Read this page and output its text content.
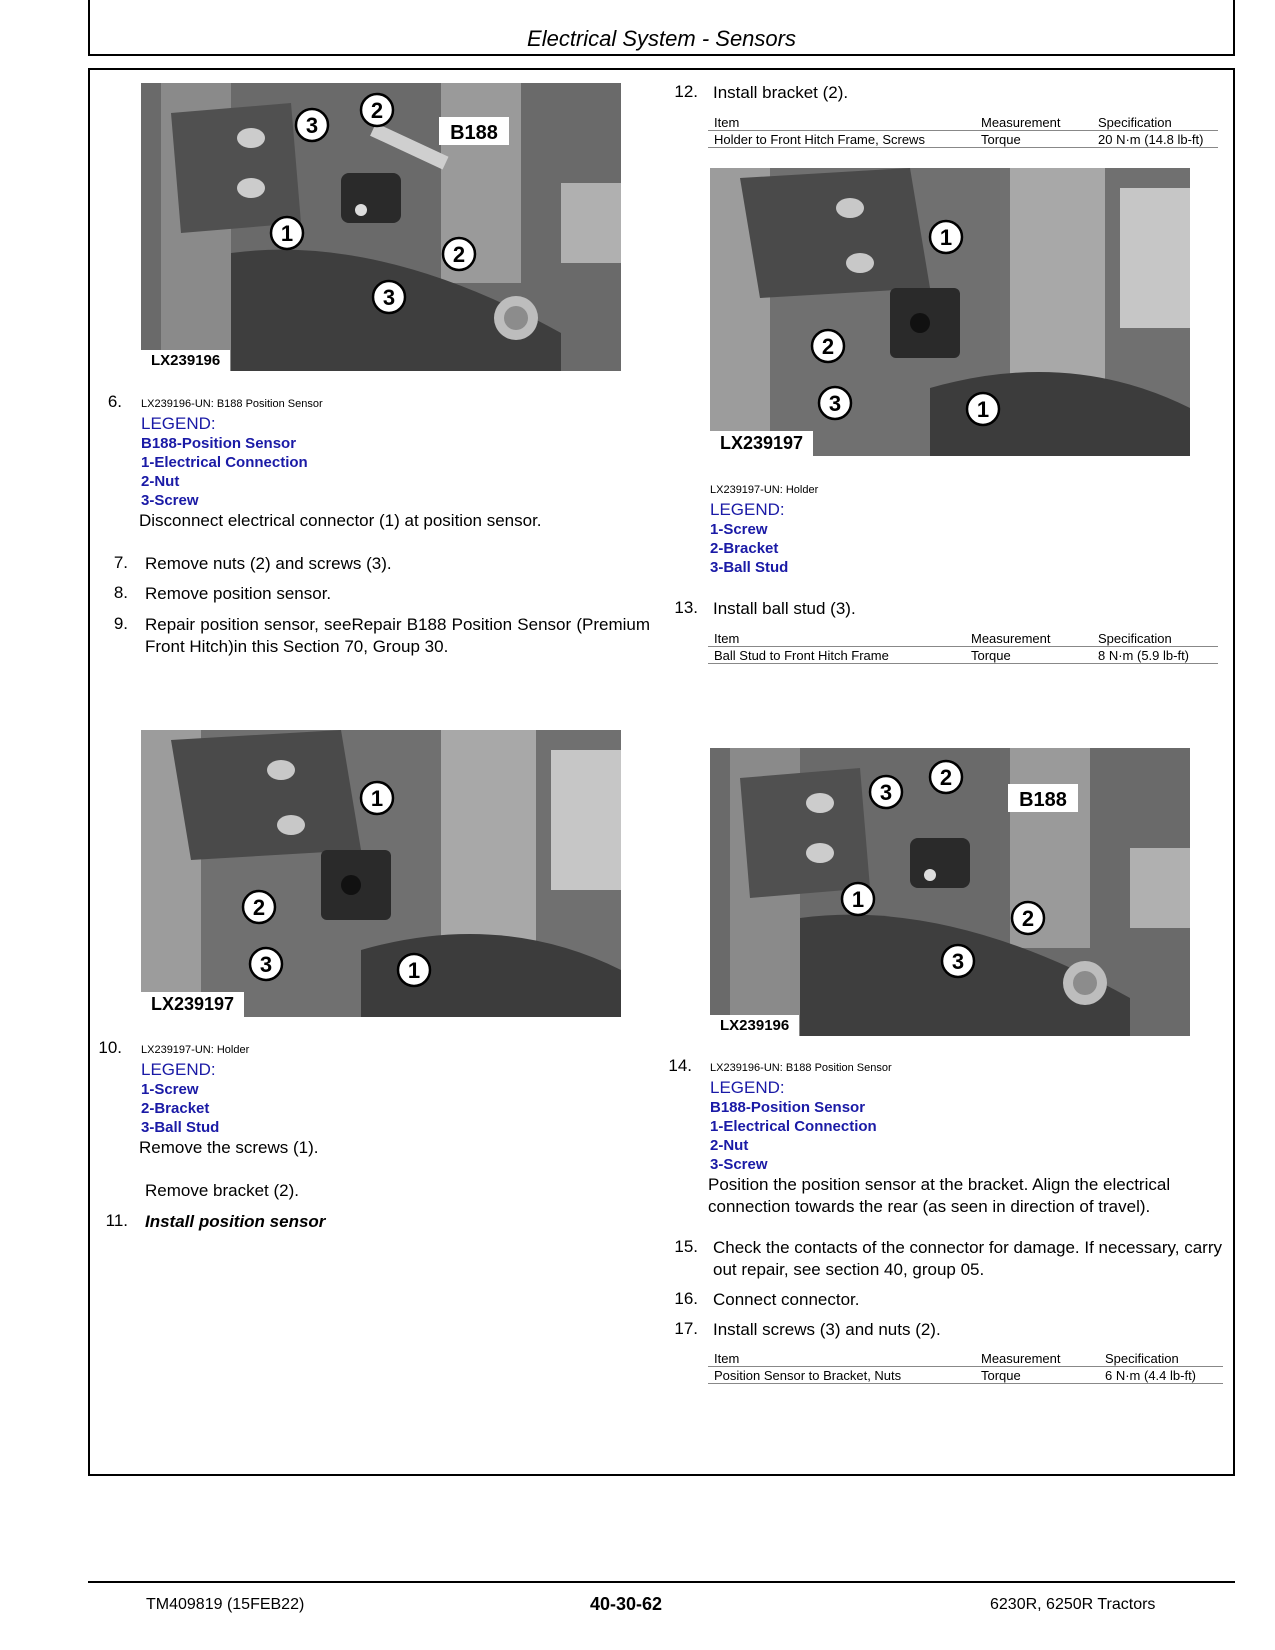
Electrical System - Sensors
3
2
1
2
3
B188
LX239196
6. LX239196-UN: B188 Position Sensor
LEGEND:
B188-Position Sensor
1-Electrical Connection
2-Nut
3-Screw
Disconnect electrical connector (1) at position sensor.
7. Remove nuts (2) and screws (3).
8. Remove position sensor.
9. Repair position sensor, seeRepair B188 Position Sensor (Premium Front Hitch)in this Section 70, Group 30.
1
2
3	1
LX239197
10. LX239197-UN: Holder
LEGEND:
1-Screw
2-Bracket
3-Ball Stud
Remove the screws (1).
Remove bracket (2).
11. Install position sensor
12. Install bracket (2).
Item	Measurement	Specification
Holder to Front Hitch Frame, Screws	Torque	20 N·m (14.8 lb-ft)
1
2
3	1
LX239197
LX239197-UN: Holder
LEGEND:
1-Screw
2-Bracket
3-Ball Stud
13. Install ball stud (3).
Item	Measurement	Specification
Ball Stud to Front Hitch Frame	Torque	8 N·m (5.9 lb-ft)
3
2
1
2
3
B188
LX239196
14. LX239196-UN: B188 Position Sensor
LEGEND:
B188-Position Sensor
1-Electrical Connection
2-Nut
3-Screw
Position the position sensor at the bracket. Align the electrical connection towards the rear (as seen in direction of travel).
15. Check the contacts of the connector for damage. If necessary, carry out repair, see section 40, group 05.
16. Connect connector.
17. Install screws (3) and nuts (2).
Item	Measurement	Specification
Position Sensor to Bracket, Nuts	Torque	6 N·m (4.4 lb-ft)
TM409819 (15FEB22)	40-30-62	6230R, 6250R Tractors
